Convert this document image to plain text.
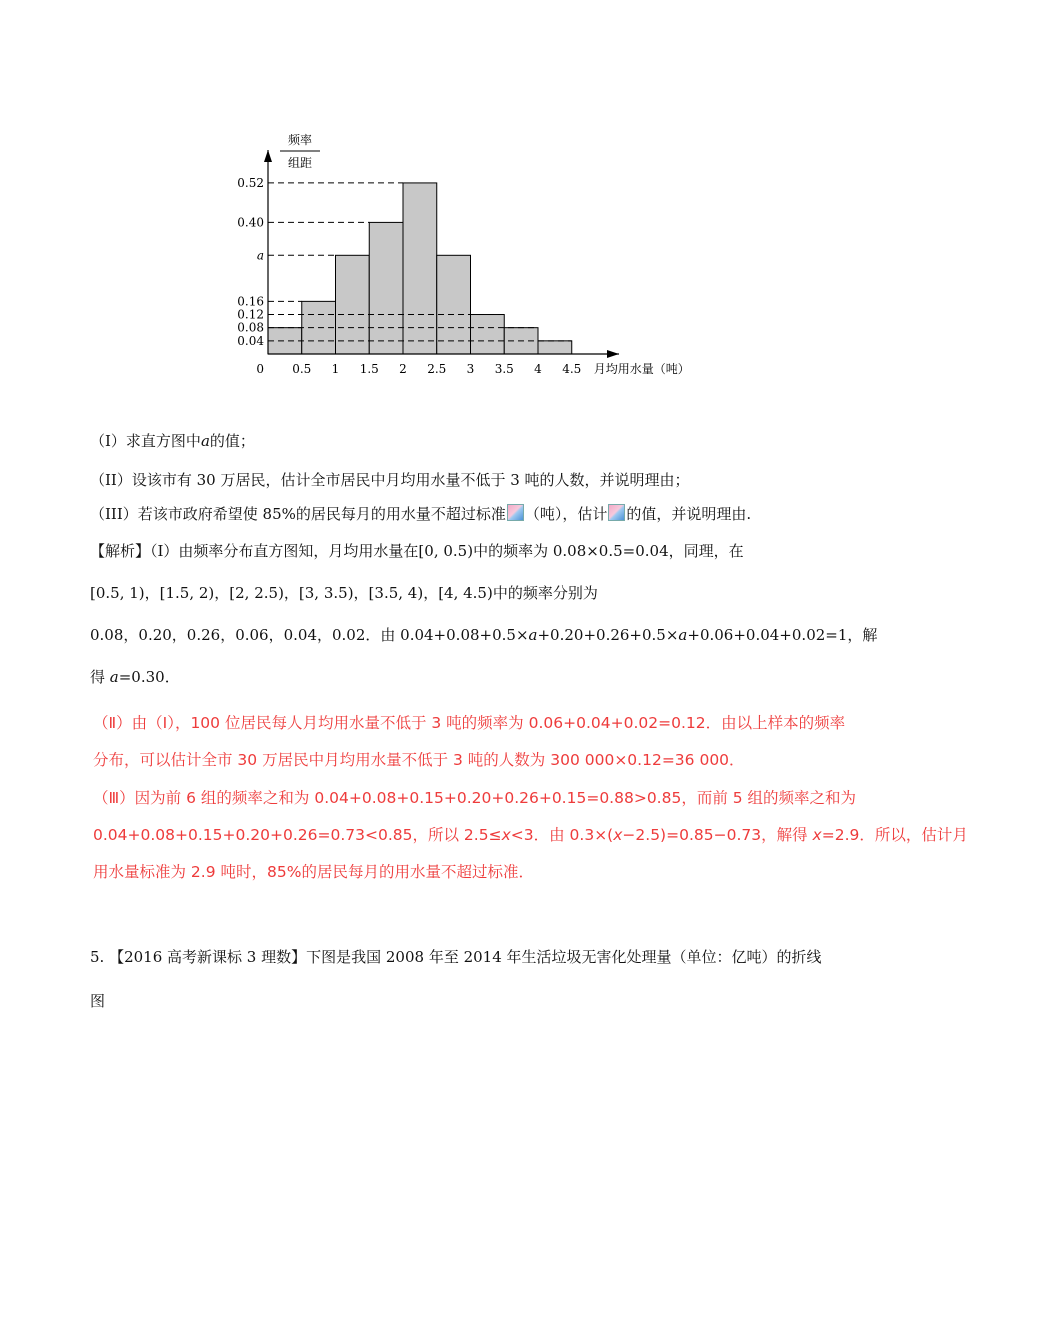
0.52
0.40
a
0.16
0.12
0.08
0.04
0.5 1 1.5 2 2.5 3 3.5 4 4.5
0	月均用水量（吨）
频率
组距
（I）求直方图中a的值；
（II）设该市有 30 万居民，估计全市居民中月均用水量不低于 3 吨的人数，并说明理由；
（III）若该市政府希望使 85%的居民每月的用水量不超过标准 （吨），估计 的值，并说明理由.
【解析】（Ⅰ）由频率分布直方图知，月均用水量在[0, 0.5)中的频率为 0.08×0.5=0.04，同理，在
[0.5, 1)，[1.5, 2)，[2, 2.5)，[3, 3.5)，[3.5, 4)，[4, 4.5)中的频率分别为
0.08，0.20，0.26，0.06，0.04，0.02．由 0.04+0.08+0.5×a+0.20+0.26+0.5×a+0.06+0.04+0.02=1，解
得 a=0.30．
（Ⅱ）由（Ⅰ），100 位居民每人月均用水量不低于 3 吨的频率为 0.06+0.04+0.02=0.12．由以上样本的频率
分布，可以估计全市 30 万居民中月均用水量不低于 3 吨的人数为 300 000×0.12=36 000．
（Ⅲ）因为前 6 组的频率之和为 0.04+0.08+0.15+0.20+0.26+0.15=0.88>0.85，而前 5 组的频率之和为
0.04+0.08+0.15+0.20+0.26=0.73<0.85，所以 2.5≤x<3．由 0.3×(x−2.5)=0.85−0.73，解得 x=2.9．所以，估计月
用水量标准为 2.9 吨时，85%的居民每月的用水量不超过标准．
5. 【2016 高考新课标 3 理数】下图是我国 2008 年至 2014 年生活垃圾无害化处理量（单位：亿吨）的折线
图
